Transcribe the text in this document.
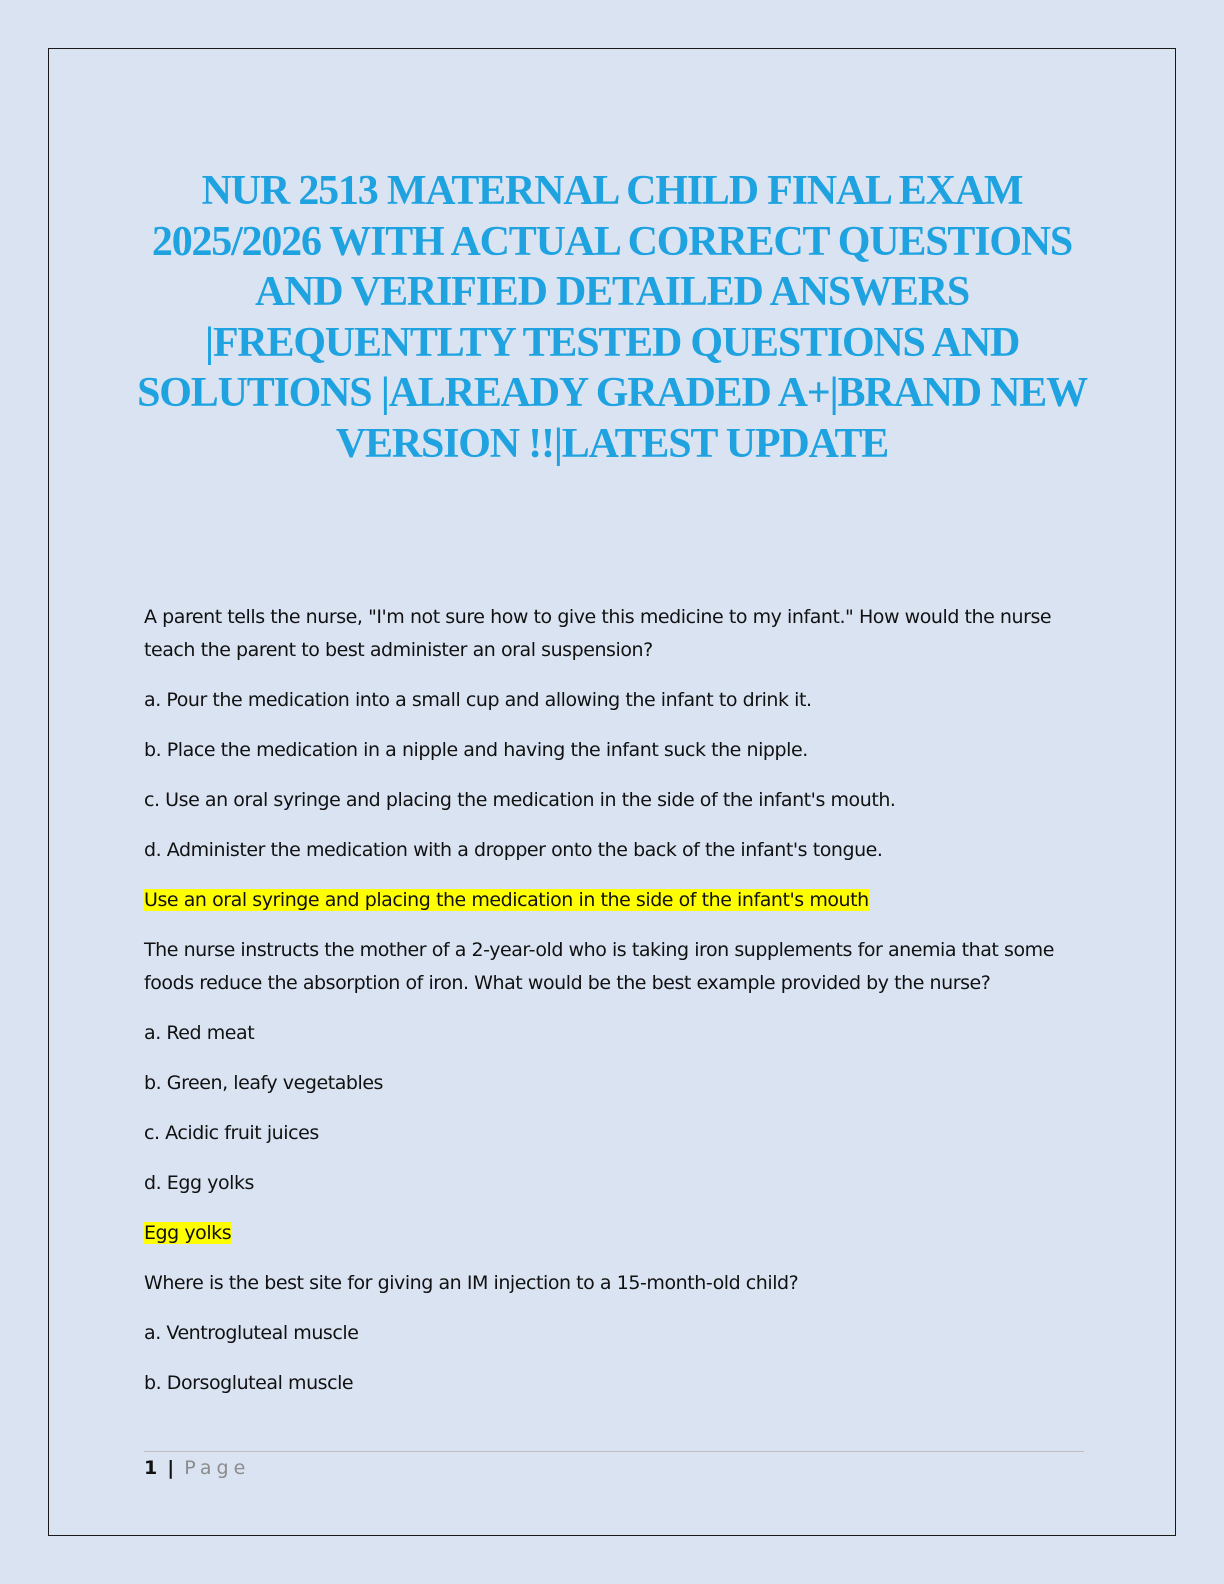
NUR 2513 MATERNAL CHILD FINAL EXAM 2025/2026 WITH ACTUAL CORRECT QUESTIONS AND VERIFIED DETAILED ANSWERS |FREQUENTLTY TESTED QUESTIONS AND SOLUTIONS |ALREADY GRADED A+|BRAND NEW VERSION !!|LATEST UPDATE

A parent tells the nurse, "I'm not sure how to give this medicine to my infant." How would the nurse teach the parent to best administer an oral suspension?

a. Pour the medication into a small cup and allowing the infant to drink it.

b. Place the medication in a nipple and having the infant suck the nipple.

c. Use an oral syringe and placing the medication in the side of the infant's mouth.

d. Administer the medication with a dropper onto the back of the infant's tongue.

Use an oral syringe and placing the medication in the side of the infant's mouth

The nurse instructs the mother of a 2-year-old who is taking iron supplements for anemia that some foods reduce the absorption of iron. What would be the best example provided by the nurse?

a. Red meat

b. Green, leafy vegetables

c. Acidic fruit juices

d. Egg yolks

Egg yolks

Where is the best site for giving an IM injection to a 15-month-old child?

a. Ventrogluteal muscle

b. Dorsogluteal muscle

1 | Page
